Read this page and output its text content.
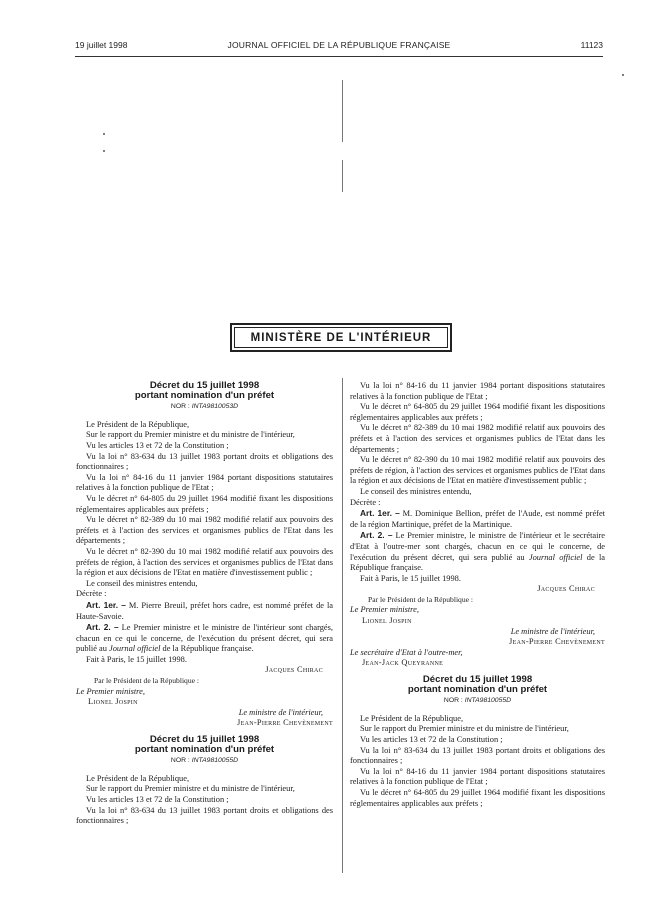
19 juillet 1998	JOURNAL OFFICIEL DE LA RÉPUBLIQUE FRANÇAISE	11123
MINISTÈRE DE L'INTÉRIEUR
Décret du 15 juillet 1998
portant nomination d'un préfet
NOR : INTA9810053D

Le Président de la République,

Sur le rapport du Premier ministre et du ministre de l'intérieur,

Vu les articles 13 et 72 de la Constitution ;

Vu la loi n° 83-634 du 13 juillet 1983 portant droits et obligations des fonctionnaires ;

Vu la loi n° 84-16 du 11 janvier 1984 portant dispositions statutaires relatives à la fonction publique de l'Etat ;

Vu le décret n° 64-805 du 29 juillet 1964 modifié fixant les dispositions réglementaires applicables aux préfets ;

Vu le décret n° 82-389 du 10 mai 1982 modifié relatif aux pouvoirs des préfets et à l'action des services et organismes publics de l'Etat dans les départements ;

Vu le décret n° 82-390 du 10 mai 1982 modifié relatif aux pouvoirs des préfets de région, à l'action des services et organismes publics de l'Etat dans la région et aux décisions de l'Etat en matière d'investissement public ;

Le conseil des ministres entendu,

Décrète :

Art. 1er. – M. Pierre Breuil, préfet hors cadre, est nommé préfet de la Haute-Savoie.

Art. 2. – Le Premier ministre et le ministre de l'intérieur sont chargés, chacun en ce qui le concerne, de l'exécution du présent décret, qui sera publié au Journal officiel de la République française.

Fait à Paris, le 15 juillet 1998.

Jacques Chirac

Par le Président de la République :

Le Premier ministre,

Lionel Jospin

Le ministre de l'intérieur,

Jean-Pierre Chevènement

Décret du 15 juillet 1998
portant nomination d'un préfet
NOR : INTA9810055D

Le Président de la République,

Sur le rapport du Premier ministre et du ministre de l'intérieur,

Vu les articles 13 et 72 de la Constitution ;

Vu la loi n° 83-634 du 13 juillet 1983 portant droits et obligations des fonctionnaires ;

Vu la loi n° 84-16 du 11 janvier 1984 portant dispositions statutaires relatives à la fonction publique de l'Etat ;

Vu le décret n° 64-805 du 29 juillet 1964 modifié fixant les dispositions réglementaires applicables aux préfets ;

Vu le décret n° 82-389 du 10 mai 1982 modifié relatif aux pouvoirs des préfets et à l'action des services et organismes publics de l'Etat dans les départements ;

Vu le décret n° 82-390 du 10 mai 1982 modifié relatif aux pouvoirs des préfets de région, à l'action des services et organismes publics de l'Etat dans la région et aux décisions de l'Etat en matière d'investissement public ;

Le conseil des ministres entendu,

Décrète :

Art. 1er. – M. Dominique Bellion, préfet de l'Aude, est nommé préfet de la région Martinique, préfet de la Martinique.

Art. 2. – Le Premier ministre, le ministre de l'intérieur et le secrétaire d'Etat à l'outre-mer sont chargés, chacun en ce qui le concerne, de l'exécution du présent décret, qui sera publié au Journal officiel de la République française.

Fait à Paris, le 15 juillet 1998.

Jacques Chirac

Par le Président de la République :

Le Premier ministre,

Lionel Jospin

Le ministre de l'intérieur,

Jean-Pierre Chevènement

Le secrétaire d'Etat à l'outre-mer,

Jean-Jack Queyranne

Décret du 15 juillet 1998
portant nomination d'un préfet
NOR : INTA9810055D

Le Président de la République,

Sur le rapport du Premier ministre et du ministre de l'intérieur,

Vu les articles 13 et 72 de la Constitution ;

Vu la loi n° 83-634 du 13 juillet 1983 portant droits et obligations des fonctionnaires ;

Vu la loi n° 84-16 du 11 janvier 1984 portant dispositions statutaires relatives à la fonction publique de l'Etat ;

Vu le décret n° 64-805 du 29 juillet 1964 modifié fixant les dispositions réglementaires applicables aux préfets ;
